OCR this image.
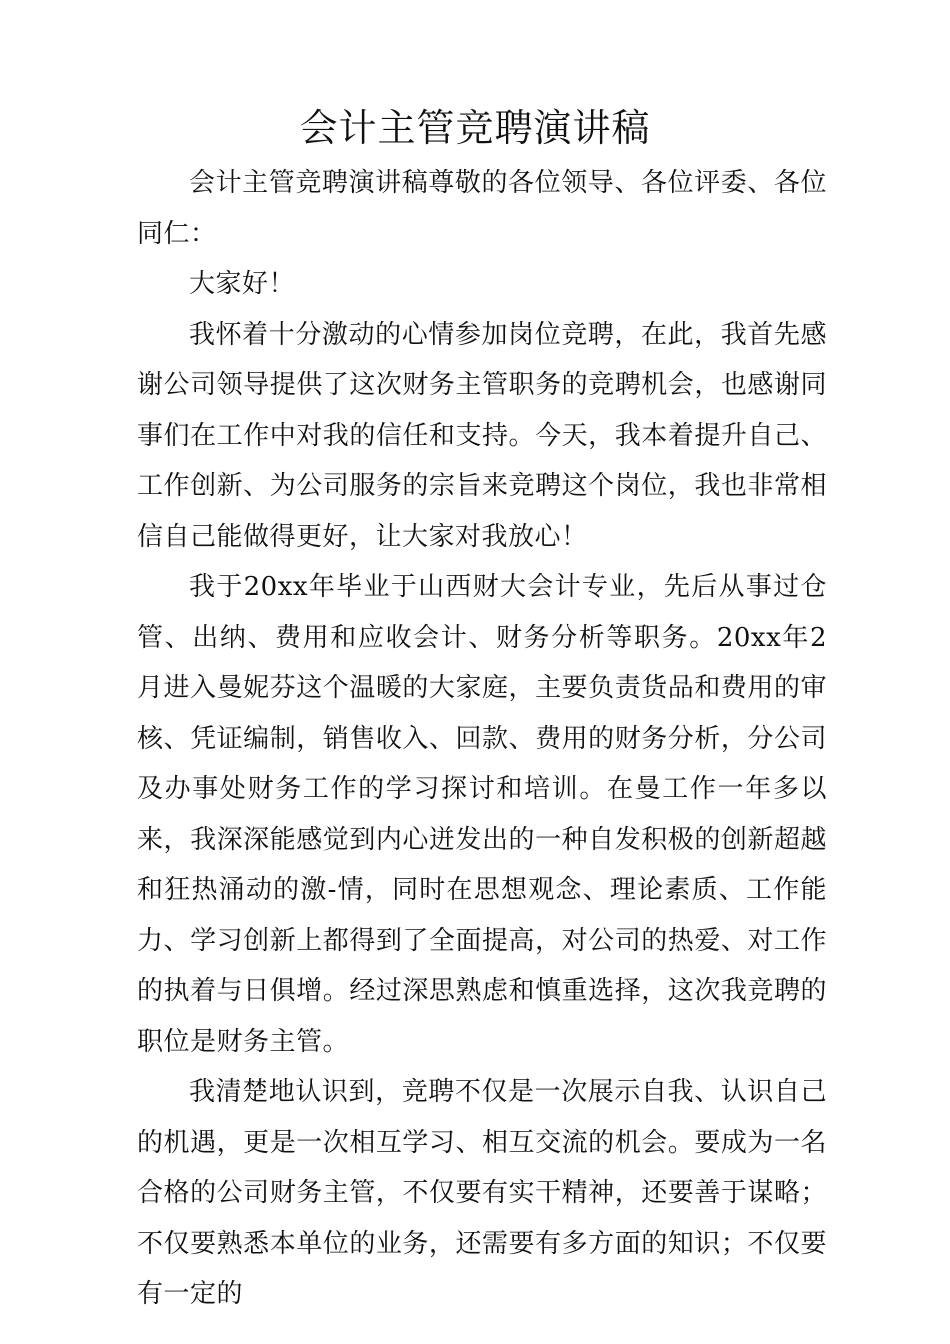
会计主管竞聘演讲稿

会计主管竞聘演讲稿尊敬的各位领导、各位评委、各位同仁：

大家好！

我怀着十分激动的心情参加岗位竞聘，在此，我首先感谢公司领导提供了这次财务主管职务的竞聘机会，也感谢同事们在工作中对我的信任和支持。今天，我本着提升自己、工作创新、为公司服务的宗旨来竞聘这个岗位，我也非常相信自己能做得更好，让大家对我放心！

我于20xx年毕业于山西财大会计专业，先后从事过仓管、出纳、费用和应收会计、财务分析等职务。20xx年2月进入曼妮芬这个温暖的大家庭，主要负责货品和费用的审核、凭证编制，销售收入、回款、费用的财务分析，分公司及办事处财务工作的学习探讨和培训。在曼工作一年多以来，我深深能感觉到内心迸发出的一种自发积极的创新超越和狂热涌动的激-情，同时在思想观念、理论素质、工作能力、学习创新上都得到了全面提高，对公司的热爱、对工作的执着与日俱增。经过深思熟虑和慎重选择，这次我竞聘的职位是财务主管。

我清楚地认识到，竞聘不仅是一次展示自我、认识自己的机遇，更是一次相互学习、相互交流的机会。要成为一名合格的公司财务主管，不仅要有实干精神，还要善于谋略；不仅要熟悉本单位的业务，还需要有多方面的知识；不仅要有一定的
